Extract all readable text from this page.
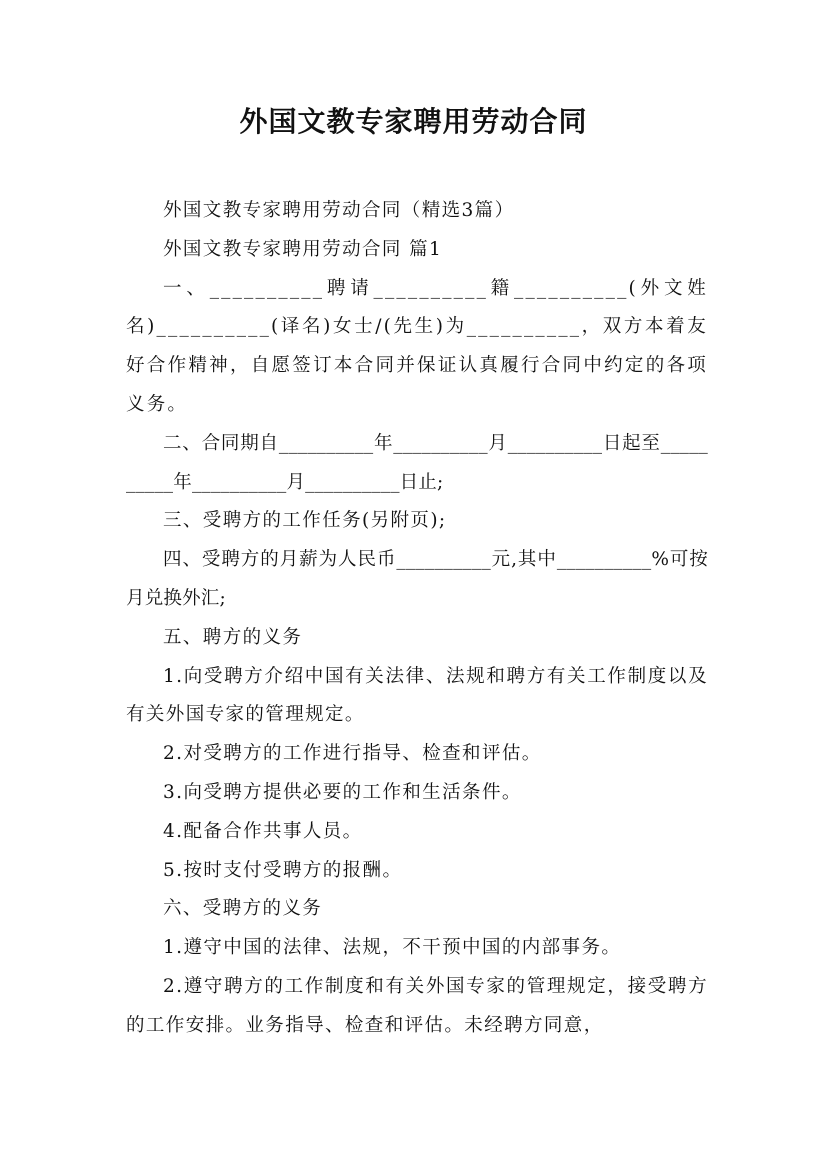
外国文教专家聘用劳动合同

外国文教专家聘用劳动合同（精选3篇）

外国文教专家聘用劳动合同 篇1

一、__________聘请__________籍__________(外文姓名)__________(译名)女士/(先生)为__________，双方本着友好合作精神，自愿签订本合同并保证认真履行合同中约定的各项义务。

二、合同期自__________年__________月__________日起至__________年__________月__________日止;

三、受聘方的工作任务(另附页);

四、受聘方的月薪为人民币__________元,其中__________%可按月兑换外汇;

五、聘方的义务

1.向受聘方介绍中国有关法律、法规和聘方有关工作制度以及有关外国专家的管理规定。

2.对受聘方的工作进行指导、检查和评估。

3.向受聘方提供必要的工作和生活条件。

4.配备合作共事人员。

5.按时支付受聘方的报酬。

六、受聘方的义务

1.遵守中国的法律、法规，不干预中国的内部事务。

2.遵守聘方的工作制度和有关外国专家的管理规定，接受聘方的工作安排。业务指导、检查和评估。未经聘方同意，
